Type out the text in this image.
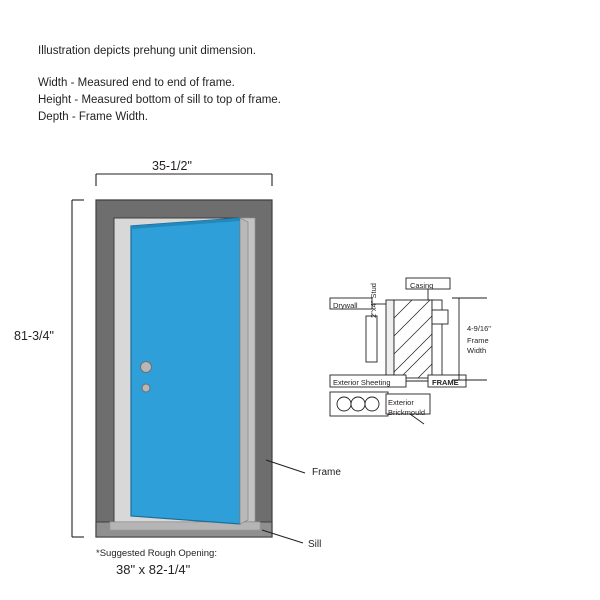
Illustration depicts prehung unit dimension.
Width - Measured end to end of frame.
Height - Measured bottom of sill to top of frame.
Depth - Frame Width.
35-1/2"
81-3/4"
Frame
Sill
*Suggested Rough Opening:
38" x 82-1/4"
Casing
Drywall 2"x4" Stud
Exterior Sheeting	FRAME
Exterior
Brickmould
4-9/16"
Frame
Width
